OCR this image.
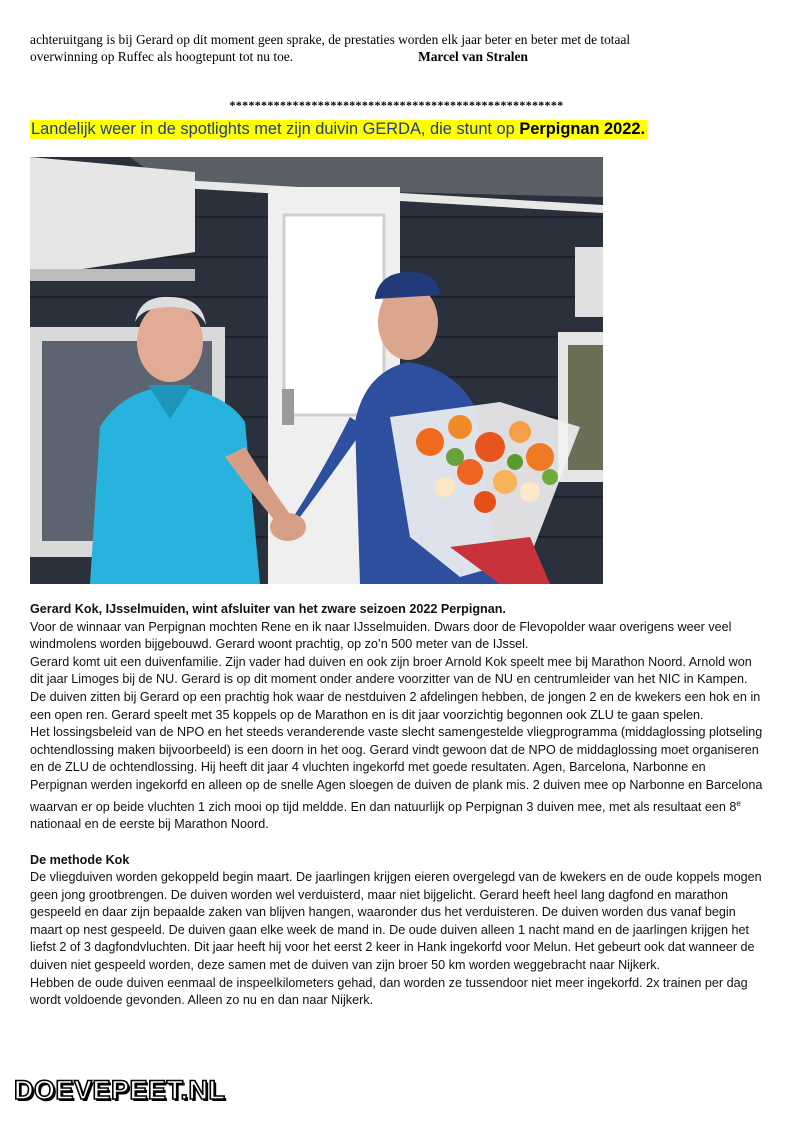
achteruitgang is bij Gerard op dit moment geen sprake, de prestaties worden elk jaar beter en beter met de totaal
overwinning op Ruffec als hoogtepunt tot nu toe.	Marcel van Stralen
*****************************************************
Landelijk weer in de spotlights met zijn duivin GERDA, die stunt op Perpignan 2022.

Gerard Kok, IJsselmuiden, wint afsluiter van het zware seizoen 2022 Perpignan.

Voor de winnaar van Perpignan mochten Rene en ik naar IJsselmuiden. Dwars door de Flevopolder waar overigens weer veel windmolens worden bijgebouwd. Gerard woont prachtig, op zo’n 500 meter van de IJssel.

Gerard komt uit een duivenfamilie. Zijn vader had duiven en ook zijn broer Arnold Kok speelt mee bij Marathon Noord. Arnold won dit jaar Limoges bij de NU. Gerard is op dit moment onder andere voorzitter van de NU en centrumleider van het NIC in Kampen.

De duiven zitten bij Gerard op een prachtig hok waar de nestduiven 2 afdelingen hebben, de jongen 2 en de kwekers een hok en in een open ren. Gerard speelt met 35 koppels op de Marathon en is dit jaar voorzichtig begonnen ook ZLU te gaan spelen.

Het lossingsbeleid van de NPO en het steeds veranderende vaste slecht samengestelde vliegprogramma (middaglossing plotseling ochtendlossing maken bijvoorbeeld) is een doorn in het oog. Gerard vindt gewoon dat de NPO de middaglossing moet organiseren en de ZLU de ochtendlossing. Hij heeft dit jaar 4 vluchten ingekorfd met goede resultaten. Agen, Barcelona, Narbonne en Perpignan werden ingekorfd en alleen op de snelle Agen sloegen de duiven de plank mis. 2 duiven mee op Narbonne en Barcelona waarvan er op beide vluchten 1 zich mooi op tijd meldde. En dan natuurlijk op Perpignan 3 duiven mee, met als resultaat een 8e nationaal en de eerste bij Marathon Noord.

De methode Kok

De vliegduiven worden gekoppeld begin maart. De jaarlingen krijgen eieren overgelegd van de kwekers en de oude koppels mogen geen jong grootbrengen. De duiven worden wel verduisterd, maar niet bijgelicht. Gerard heeft heel lang dagfond en marathon gespeeld en daar zijn bepaalde zaken van blijven hangen, waaronder dus het verduisteren. De duiven worden dus vanaf begin maart op nest gespeeld. De duiven gaan elke week de mand in. De oude duiven alleen 1 nacht mand en de jaarlingen krijgen het liefst 2 of 3 dagfondvluchten. Dit jaar heeft hij voor het eerst 2 keer in Hank ingekorfd voor Melun. Het gebeurt ook dat wanneer de duiven niet gespeeld worden, deze samen met de duiven van zijn broer 50 km worden weggebracht naar Nijkerk.

Hebben de oude duiven eenmaal de inspeelkilometers gehad, dan worden ze tussendoor niet meer ingekorfd. 2x trainen per dag wordt voldoende gevonden. Alleen zo nu en dan naar Nijkerk.

DOEVEPEET.NL
